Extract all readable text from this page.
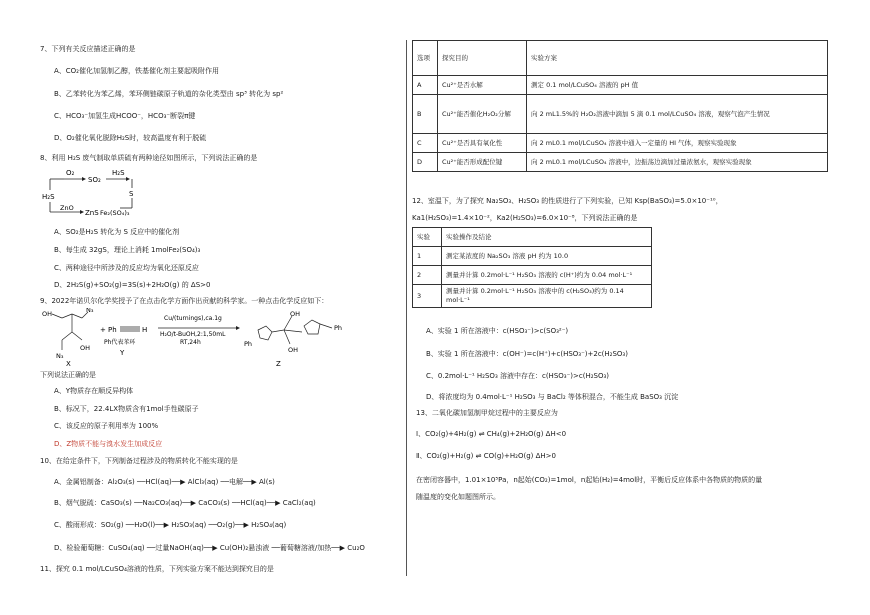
7、下列有关反应描述正确的是
A、CO₂催化加氢制乙醇，铁基催化剂主要起吸附作用
B、乙苯转化为苯乙烯，苯环侧链碳原子轨道的杂化类型由 sp³ 转化为 sp²
C、HCO₃⁻加氢生成HCOO⁻，HCO₃⁻断裂π键
D、O₂催化氧化脱除H₂S时，较高温度有利于脱硫
8、利用 H₂S 废气制取单质硫有两种途径如图所示，下列说法正确的是
O₂
SO₂
H₂S
S
H₂S
ZnO
ZnS Fe₂(SO₄)₃
A、SO₂是H₂S 转化为 S 反应中的催化剂
B、每生成 32gS，理论上消耗 1molFe₂(SO₄)₃
C、两种途径中所涉及的反应均为氧化还原反应
D、2H₂S(g)+SO₂(g)=3S(s)+2H₂O(g) 的 ΔS>0
9、2022年诺贝尔化学奖授予了在点击化学方面作出贡献的科学家。一种点击化学反应如下：
OH	N₃
N₃
OH
X
+ Ph	H
Ph代表苯环
Y
Cu/(turnings),ca.1g
H₂O/t-BuOH,2:1,50mL
RT,24h	Ph
OH
OH
Ph
Z
下列说法正确的是
A、Y物质存在顺反异构体
B、标况下，22.4LX物质含有1mol手性碳原子
C、该反应的原子利用率为 100%
D、Z物质不能与溴水发生加成反应
10、在给定条件下，下列制备过程涉及的物质转化不能实现的是
A、金属铝制备：Al₂O₃(s) ──HCl(aq)──▶ AlCl₃(aq) ──电解──▶ Al(s)
B、烟气脱硫：CaSO₃(s) ──Na₂CO₃(aq)──▶ CaCO₃(s) ──HCl(aq)──▶ CaCl₂(aq)
C、酸雨形成：SO₂(g) ──H₂O(l)──▶ H₂SO₃(aq) ──O₂(g)──▶ H₂SO₄(aq)
D、检验葡萄糖：CuSO₄(aq) ──过量NaOH(aq)──▶ Cu(OH)₂悬浊液 ──葡萄糖溶液/加热──▶ Cu₂O
11、探究 0.1 mol/LCuSO₄溶液的性质，下列实验方案不能达到探究目的是
选项	探究目的	实验方案
A	Cu²⁺是否水解	测定 0.1 mol/LCuSO₄ 溶液的 pH 值
B	Cu²⁺能否催化H₂O₂分解	向 2 mL1.5%的 H₂O₂溶液中滴加 5 滴 0.1 mol/LCuSO₄ 溶液，观察气泡产生情况
C	Cu²⁺是否具有氧化性	向 2 mL0.1 mol/LCuSO₄ 溶液中通入一定量的 HI 气体，观察实验现象
D	Cu²⁺能否形成配位键	向 2 mL0.1 mol/LCuSO₄ 溶液中，边振荡边滴加过量浓氨水，观察实验现象
12、室温下，为了探究 Na₂SO₃、H₂SO₃ 的性质进行了下列实验，已知 Ksp(BaSO₃)=5.0×10⁻¹⁰，
Ka1(H₂SO₃)=1.4×10⁻²，Ka2(H₂SO₃)=6.0×10⁻⁸，下列说法正确的是
实验	实验操作及结论
1	测定某浓度的 Na₂SO₃ 溶液 pH 约为 10.0
2	测量并计算 0.2mol·L⁻¹ H₂SO₃ 溶液的 c(H⁺)约为 0.04 mol·L⁻¹
3	测量并计算 0.2mol·L⁻¹ H₂SO₃ 溶液中的 c(H₂SO₃)约为 0.14 mol·L⁻¹
A、实验 1 所在溶液中：c(HSO₃⁻)>c(SO₃²⁻)
B、实验 1 所在溶液中：c(OH⁻)=c(H⁺)+c(HSO₃⁻)+2c(H₂SO₃)
C、0.2mol·L⁻¹ H₂SO₃ 溶液中存在：c(HSO₃⁻)>c(H₂SO₃)
D、将浓度均为 0.4mol·L⁻¹ H₂SO₃ 与 BaCl₂ 等体积混合，不能生成 BaSO₃ 沉淀
13、二氧化碳加氢制甲烷过程中的主要反应为
Ⅰ、CO₂(g)+4H₂(g) ⇌ CH₄(g)+2H₂O(g) ΔH<0
Ⅱ、CO₂(g)+H₂(g) ⇌ CO(g)+H₂O(g) ΔH>0
在密闭容器中，1.01×10⁵Pa，n起始(CO₂)=1mol，n起始(H₂)=4mol时，平衡后反应体系中各物质的物质的量
随温度的变化如题图所示。
